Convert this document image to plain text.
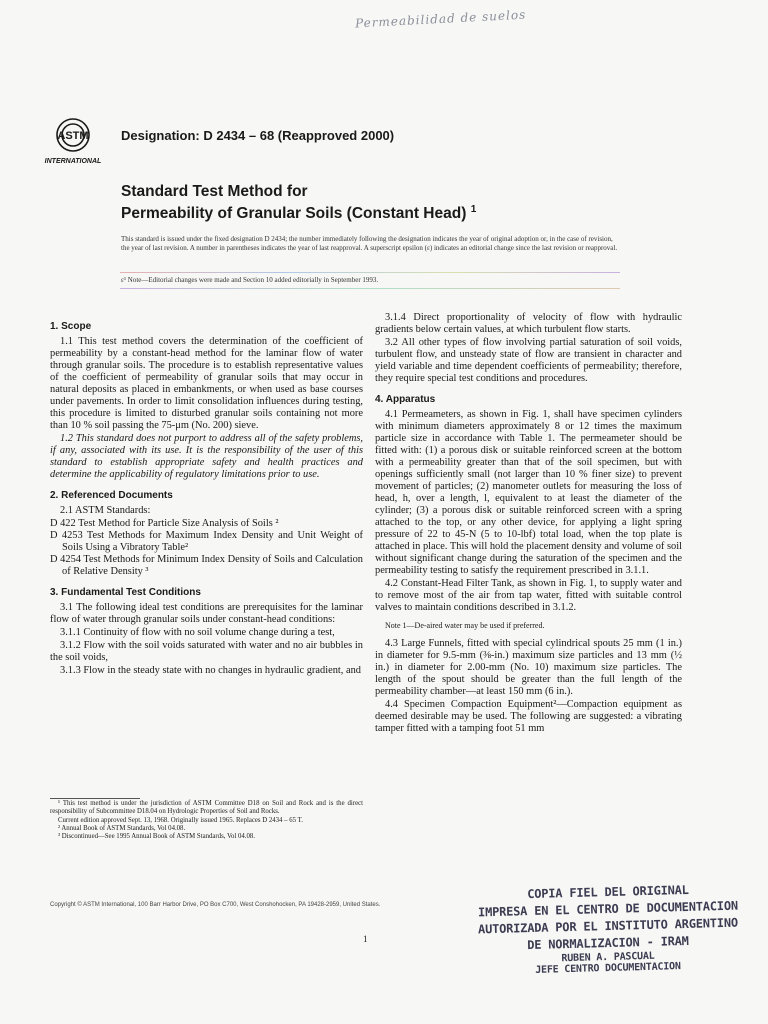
Permeabilidad de suelos
ASTM
INTERNATIONAL
Designation: D 2434 – 68 (Reapproved 2000)
Standard Test Method for
Permeability of Granular Soils (Constant Head) $^1$
This standard is issued under the fixed designation D 2434; the number immediately following the designation indicates the year of original adoption or, in the case of revision, the year of last revision. A number in parentheses indicates the year of last reapproval. A superscript epsilon (ε) indicates an editorial change since the last revision or reapproval.
ε¹ Note—Editorial changes were made and Section 10 added editorially in September 1993.

1. Scope

1.1 This test method covers the determination of the coefficient of permeability by a constant-head method for the laminar flow of water through granular soils. The procedure is to establish representative values of the coefficient of permeability of granular soils that may occur in natural deposits as placed in embankments, or when used as base courses under pavements. In order to limit consolidation influences during testing, this procedure is limited to disturbed granular soils containing not more than 10 % soil passing the 75-μm (No. 200) sieve.

1.2 This standard does not purport to address all of the safety problems, if any, associated with its use. It is the responsibility of the user of this standard to establish appropriate safety and health practices and determine the applicability of regulatory limitations prior to use.

2. Referenced Documents

2.1 ASTM Standards:

D 422 Test Method for Particle Size Analysis of Soils ²

D 4253 Test Methods for Maximum Index Density and Unit Weight of Soils Using a Vibratory Table²

D 4254 Test Methods for Minimum Index Density of Soils and Calculation of Relative Density ³

3. Fundamental Test Conditions

3.1 The following ideal test conditions are prerequisites for the laminar flow of water through granular soils under constant-head conditions:

3.1.1 Continuity of flow with no soil volume change during a test,

3.1.2 Flow with the soil voids saturated with water and no air bubbles in the soil voids,

3.1.3 Flow in the steady state with no changes in hydraulic gradient, and

¹ This test method is under the jurisdiction of ASTM Committee D18 on Soil and Rock and is the direct responsibility of Subcommittee D18.04 on Hydrologic Properties of Soil and Rocks.

Current edition approved Sept. 13, 1968. Originally issued 1965. Replaces D 2434 – 65 T.

² Annual Book of ASTM Standards, Vol 04.08.

³ Discontinued—See 1995 Annual Book of ASTM Standards, Vol 04.08.

3.1.4 Direct proportionality of velocity of flow with hydraulic gradients below certain values, at which turbulent flow starts.

3.2 All other types of flow involving partial saturation of soil voids, turbulent flow, and unsteady state of flow are transient in character and yield variable and time dependent coefficients of permeability; therefore, they require special test conditions and procedures.

4. Apparatus

4.1 Permeameters, as shown in Fig. 1, shall have specimen cylinders with minimum diameters approximately 8 or 12 times the maximum particle size in accordance with Table 1. The permeameter should be fitted with: (1) a porous disk or suitable reinforced screen at the bottom with a permeability greater than that of the soil specimen, but with openings sufficiently small (not larger than 10 % finer size) to prevent movement of particles; (2) manometer outlets for measuring the loss of head, h, over a length, l, equivalent to at least the diameter of the cylinder; (3) a porous disk or suitable reinforced screen with a spring attached to the top, or any other device, for applying a light spring pressure of 22 to 45-N (5 to 10-lbf) total load, when the top plate is attached in place. This will hold the placement density and volume of soil without significant change during the saturation of the specimen and the permeability testing to satisfy the requirement prescribed in 3.1.1.

4.2 Constant-Head Filter Tank, as shown in Fig. 1, to supply water and to remove most of the air from tap water, fitted with suitable control valves to maintain conditions described in 3.1.2.

Note 1—De-aired water may be used if preferred.

4.3 Large Funnels, fitted with special cylindrical spouts 25 mm (1 in.) in diameter for 9.5-mm (⅜-in.) maximum size particles and 13 mm (½ in.) in diameter for 2.00-mm (No. 10) maximum size particles. The length of the spout should be greater than the full length of the permeability chamber—at least 150 mm (6 in.).

4.4 Specimen Compaction Equipment²—Compaction equipment as deemed desirable may be used. The following are suggested: a vibrating tamper fitted with a tamping foot 51 mm

Copyright © ASTM International, 100 Barr Harbor Drive, PO Box C700, West Conshohocken, PA 19428-2959, United States.
1
COPIA FIEL DEL ORIGINAL
IMPRESA EN EL CENTRO DE DOCUMENTACION
AUTORIZADA POR EL INSTITUTO ARGENTINO
DE NORMALIZACION - IRAM
RUBEN A. PASCUAL
JEFE CENTRO DOCUMENTACION
